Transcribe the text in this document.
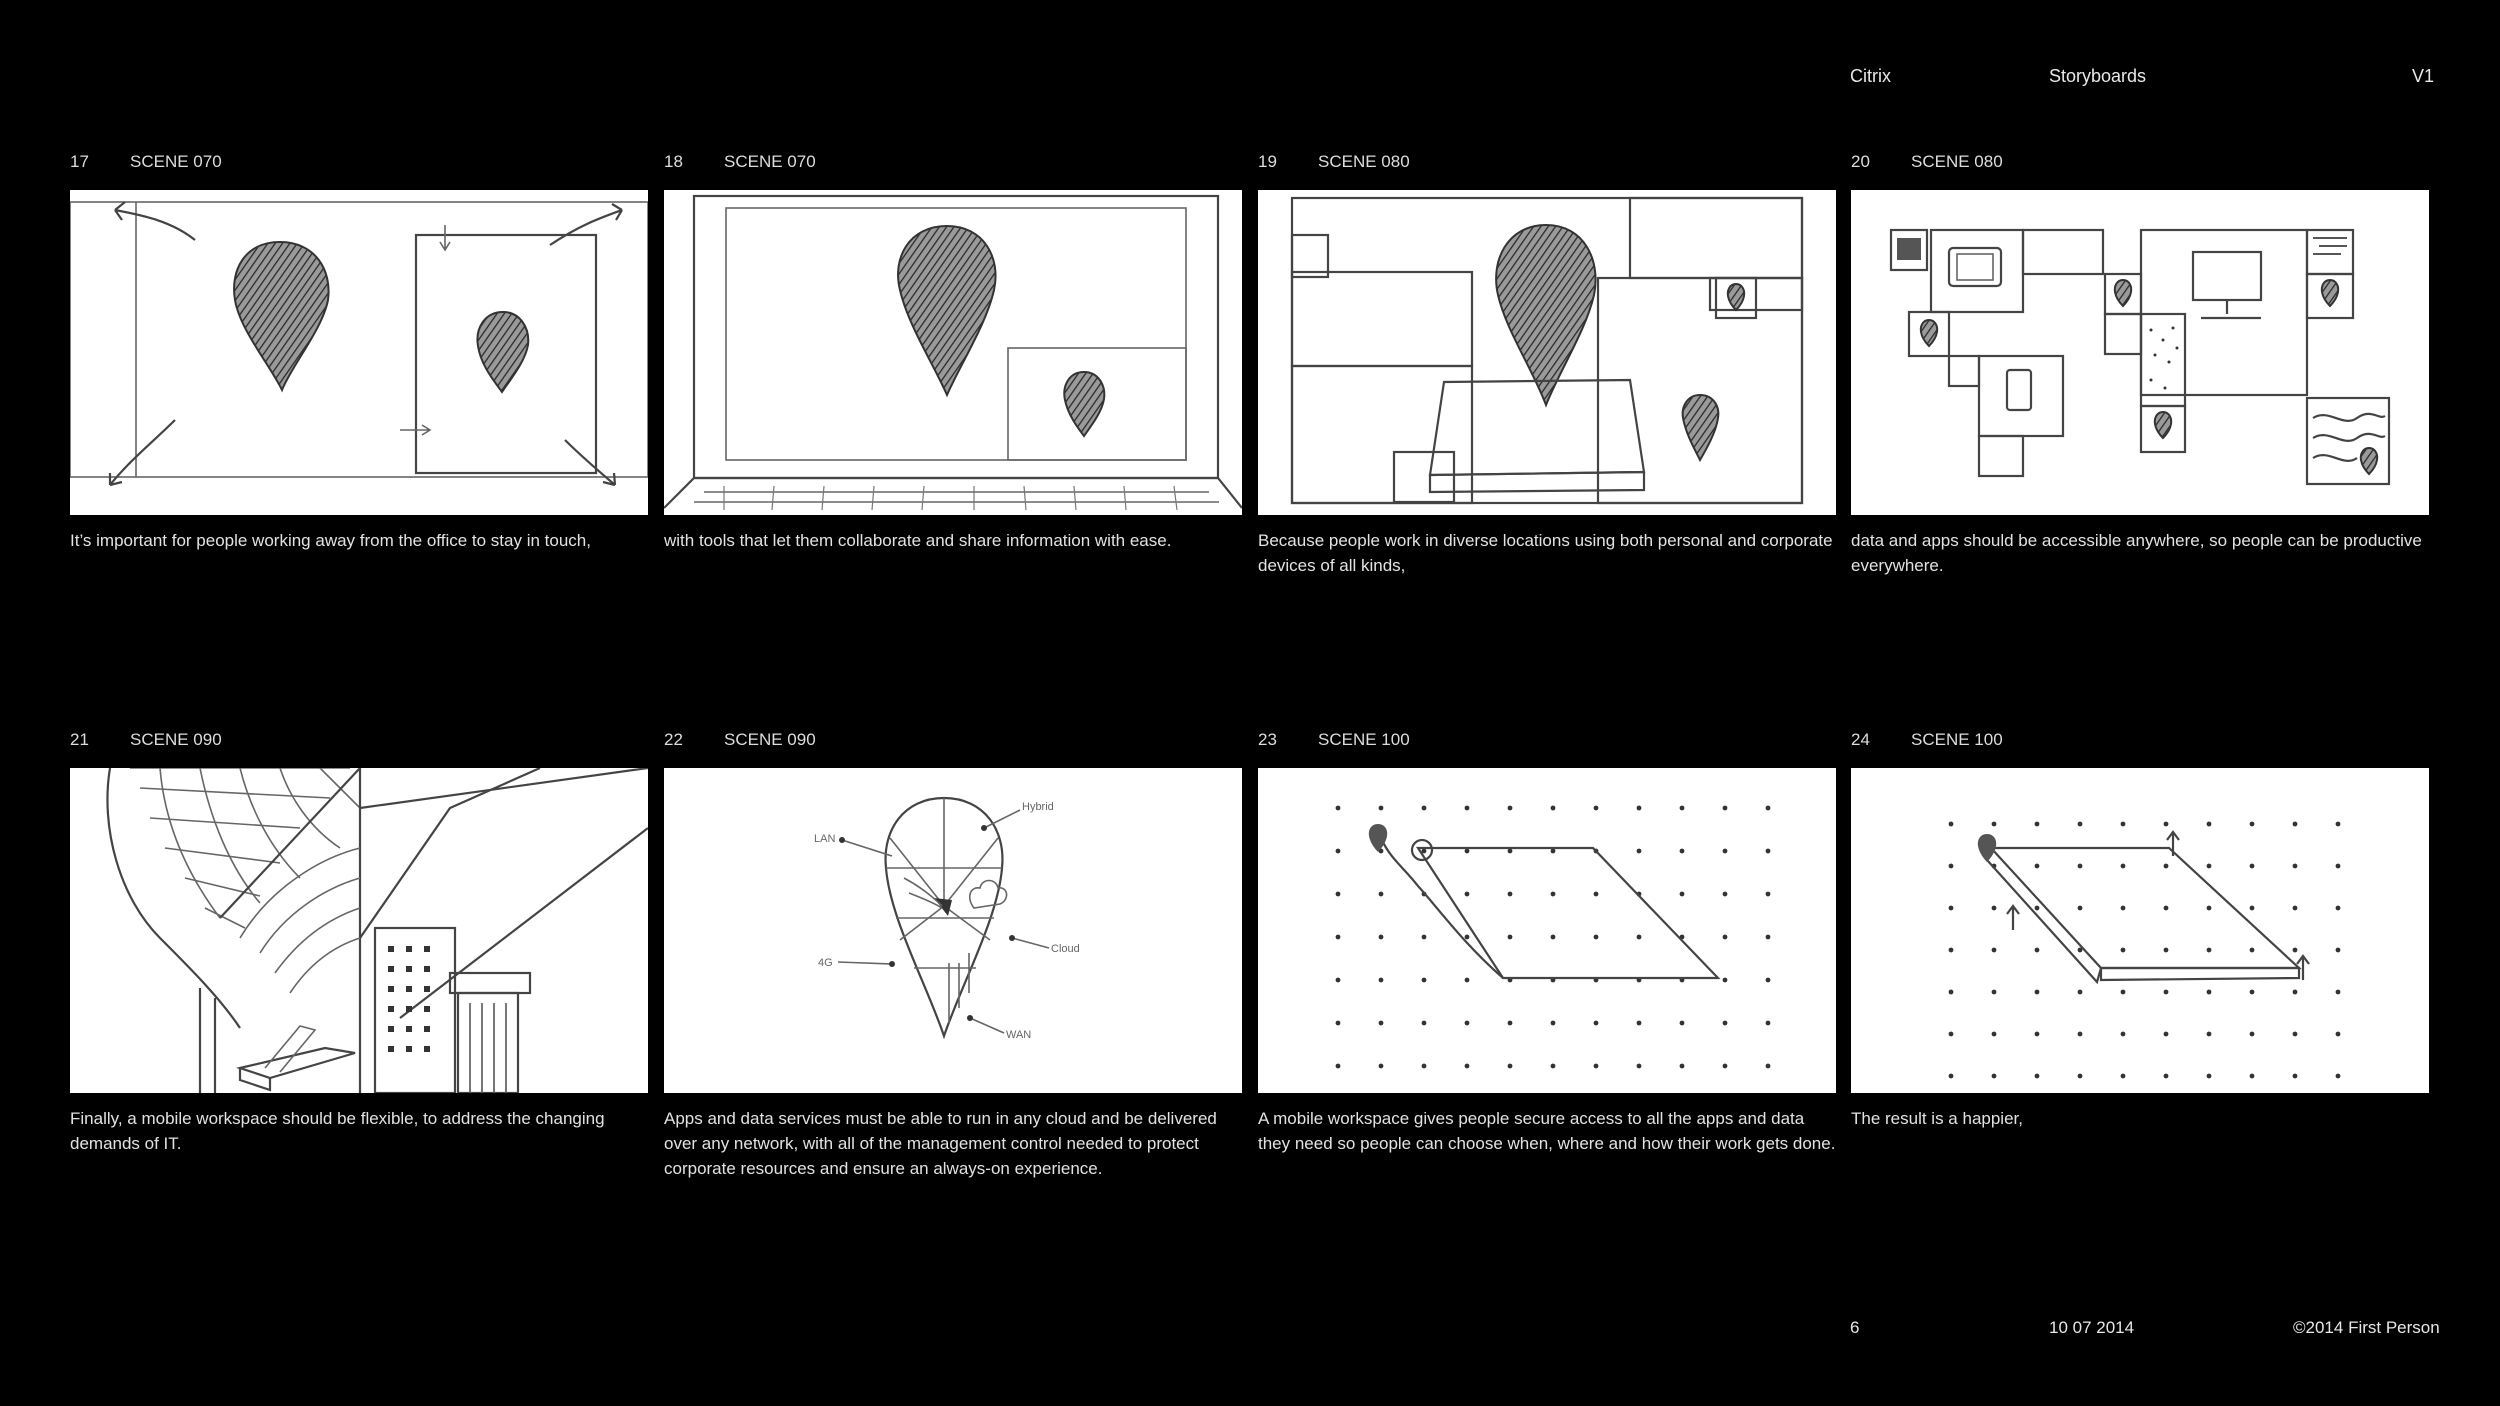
Citrix	Storyboards	V1
17 SCENE 070
It’s important for people working away from the office to stay in touch,
18 SCENE 070
with tools that let them collaborate and share information with ease.
19 SCENE 080
Because people work in diverse locations using both personal and corporate devices of all kinds,
20 SCENE 080
data and apps should be accessible anywhere, so people can be productive everywhere.
21 SCENE 090
Finally, a mobile workspace should be flexible, to address the changing demands of IT.
22 SCENE 090
LAN
Hybrid
Cloud
4G
WAN
Apps and data services must be able to run in any cloud and be delivered over any network, with all of the management control needed to protect corporate resources and ensure an always-on experience.
23 SCENE 100
A mobile workspace gives people secure access to all the apps and data they need so people can choose when, where and how their work gets done.
24 SCENE 100
The result is a happier,
6	10 07 2014	©2014 First Person
